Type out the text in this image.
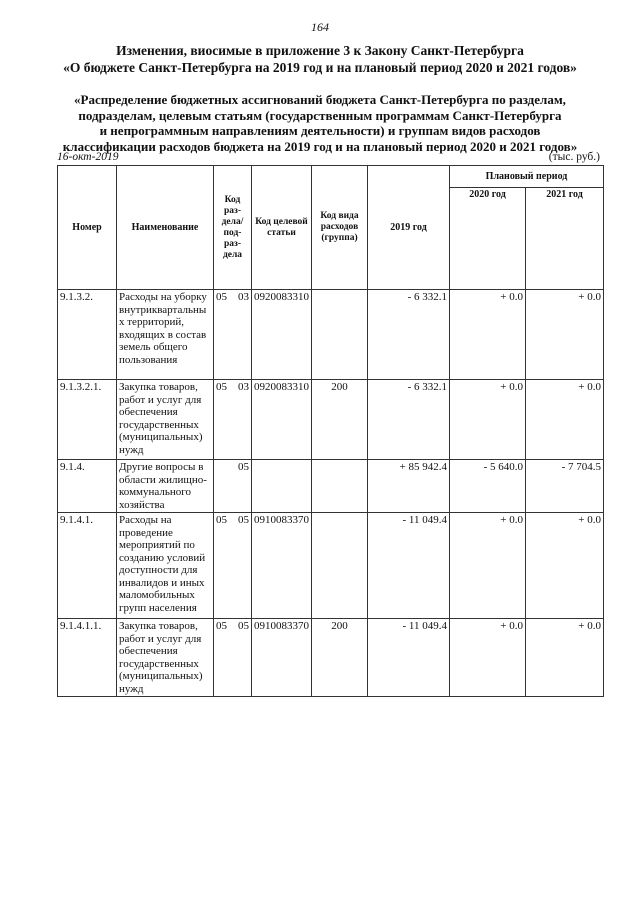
164
Изменения, виосимые в приложение 3 к Закону Санкт-Петербурга
«О бюджете Санкт-Петербурга на 2019 год и на плановый период 2020 и 2021 годов»
«Распределение бюджетных ассигнований бюджета Санкт-Петербурга по разделам,
подразделам, целевым статьям (государственным программам Санкт-Петербурга
и непрограммным направлениям деятельности) и группам видов расходов
классификации расходов бюджета на 2019 год и на плановый период 2020 и 2021 годов»
16-окт-2019	(тыс. руб.)
Номер	Наименование	Код раз-дела/ под-раз-дела	Код целевой статьи	Код вида расходов (группа)	2019 год	Плановый период	
						2020 год	2021 год
9.1.3.2.	Расходы на уборку внутриквартальны х территорий, входящих в состав земель общего пользования	05 03	0920083310		- 6 332.1	+ 0.0	+ 0.0
9.1.3.2.1.	Закупка товаров, работ и услуг для обеспечения государственных (муниципальных) нужд	05 03	0920083310	200	- 6 332.1	+ 0.0	+ 0.0
9.1.4.	Другие вопросы в области жилищно-коммунального хозяйства	05			+ 85 942.4	- 5 640.0	- 7 704.5
9.1.4.1.	Расходы на проведение мероприятий по созданию условий доступности для инвалидов и иных маломобильных групп населения	05 05	0910083370		- 11 049.4	+ 0.0	+ 0.0
9.1.4.1.1.	Закупка товаров, работ и услуг для обеспечения государственных (муниципальных) нужд	05 05	0910083370	200	- 11 049.4	+ 0.0	+ 0.0
